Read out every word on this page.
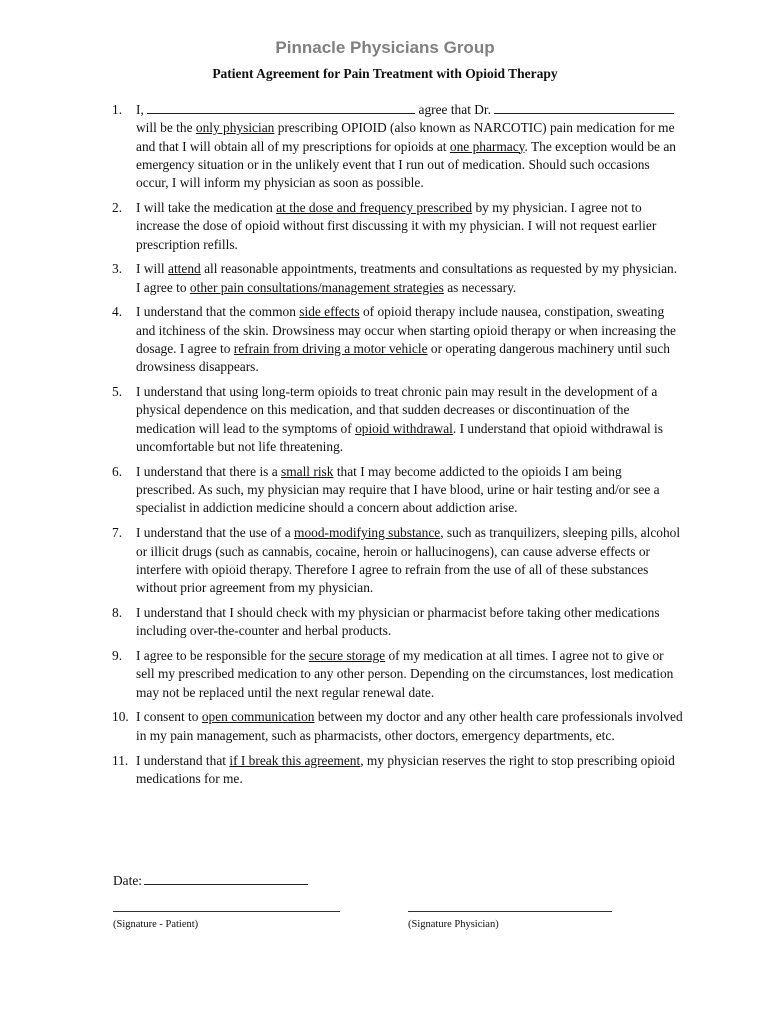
Pinnacle Physicians Group
Patient Agreement for Pain Treatment with Opioid Therapy
1. I,	agree that Dr.  will be the only physician prescribing OPIOID (also known as NARCOTIC) pain medication for me and that I will obtain all of my prescriptions for opioids at one pharmacy. The exception would be an emergency situation or in the unlikely event that I run out of medication. Should such occasions occur, I will inform my physician as soon as possible.
2. I will take the medication at the dose and frequency prescribed by my physician. I agree not to increase the dose of opioid without first discussing it with my physician. I will not request earlier prescription refills.
3. I will attend all reasonable appointments, treatments and consultations as requested by my physician. I agree to other pain consultations/management strategies as necessary.
4. I understand that the common side effects of opioid therapy include nausea, constipation, sweating and itchiness of the skin. Drowsiness may occur when starting opioid therapy or when increasing the dosage. I agree to refrain from driving a motor vehicle or operating dangerous machinery until such drowsiness disappears.
5. I understand that using long-term opioids to treat chronic pain may result in the development of a physical dependence on this medication, and that sudden decreases or discontinuation of the medication will lead to the symptoms of opioid withdrawal. I understand that opioid withdrawal is uncomfortable but not life threatening.
6. I understand that there is a small risk that I may become addicted to the opioids I am being prescribed. As such, my physician may require that I have blood, urine or hair testing and/or see a specialist in addiction medicine should a concern about addiction arise.
7. I understand that the use of a mood-modifying substance, such as tranquilizers, sleeping pills, alcohol or illicit drugs (such as cannabis, cocaine, heroin or hallucinogens), can cause adverse effects or interfere with opioid therapy. Therefore I agree to refrain from the use of all of these substances without prior agreement from my physician.
8. I understand that I should check with my physician or pharmacist before taking other medications including over-the-counter and herbal products.
9. I agree to be responsible for the secure storage of my medication at all times. I agree not to give or sell my prescribed medication to any other person. Depending on the circumstances, lost medication may not be replaced until the next regular renewal date.
10. I consent to open communication between my doctor and any other health care professionals involved in my pain management, such as pharmacists, other doctors, emergency departments, etc.
11. I understand that if I break this agreement, my physician reserves the right to stop prescribing opioid medications for me.
Date:
(Signature - Patient)	(Signature Physician)
